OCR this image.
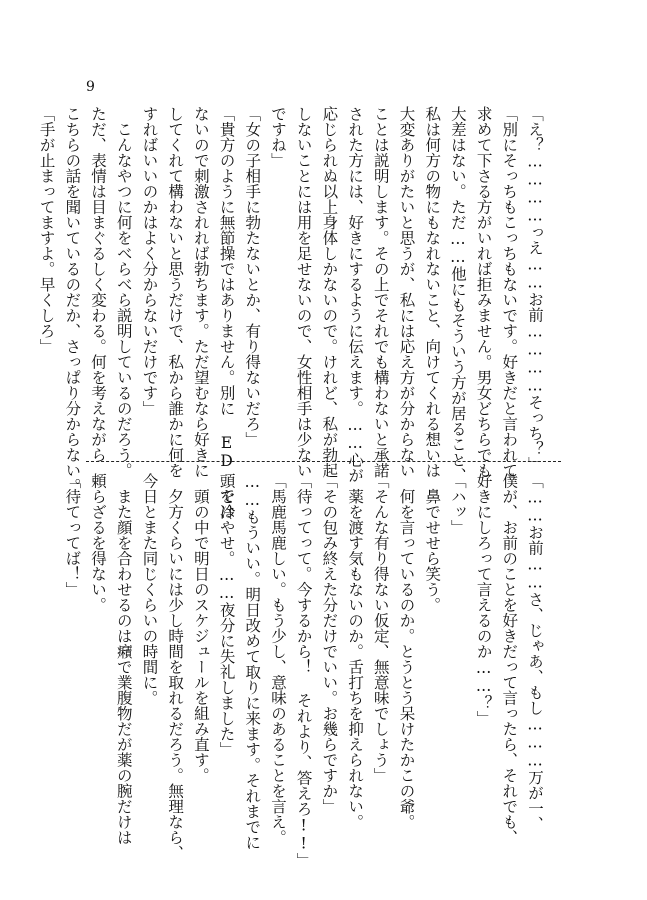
9
「え？…………っえ……お前…………そっち？」
「別にそっちもこっちもないです。好きだと言われて
求めて下さる方がいれば拒みません。男女どちらでも
大差はない。ただ……他にもそういう方が居ること、
私は何方の物にもなれないこと、向けてくれる想いは
大変ありがたいと思うが、私には応え方が分からない
ことは説明します。その上でそれでも構わないと承諾
された方には、好きにするように伝えます。……心が
応じられぬ以上身体しかないので。けれど、私が勃起
しないことには用を足せないので、女性相手は少ない
ですね」
「女の子相手に勃たないとか、有り得ないだろ」
「貴方のように無節操ではありません。別に ED では
ないので刺激されれば勃ちます。ただ望むなら好きに
してくれて構わないと思うだけで、私から誰かに何を
すればいいのかはよく分からないだけです」
　こんなやつに何をべらべら説明しているのだろう。
ただ、表情は目まぐるしく変わる。何を考えながら
こちらの話を聞いているのだか、さっぱり分からない。
「手が止まってますよ。早くしろ」
「……お前……さ、じゃあ、もし………万が一、
僕が、お前のことを好きだって言ったら、それでも、
好きにしろって言えるのか……？」
「ハッ」
　鼻でせせら笑う。
　何を言っているのか。とうとう呆けたかこの爺。
「そんな有り得ない仮定、無意味でしょう」
　薬を渡す気もないのか。舌打ちを抑えられない。
「その包み終えた分だけでいい。お幾らですか」
「待ってって。今するから！ それより、答えろ!!」
「馬鹿馬鹿しい。もう少し、意味のあることを言え。
……もういい。明日改めて取りに来ます。それまでに
頭を冷やせ。……夜分に失礼しました」
　頭の中で明日のスケジュールを組み直す。
　夕方くらいには少し時間を取れるだろう。無理なら、
今日とまた同じくらいの時間に。
　また顔を合わせるのは癪で業腹物だが薬の腕だけは
頼らざるを得ない。
「待てってば！」
